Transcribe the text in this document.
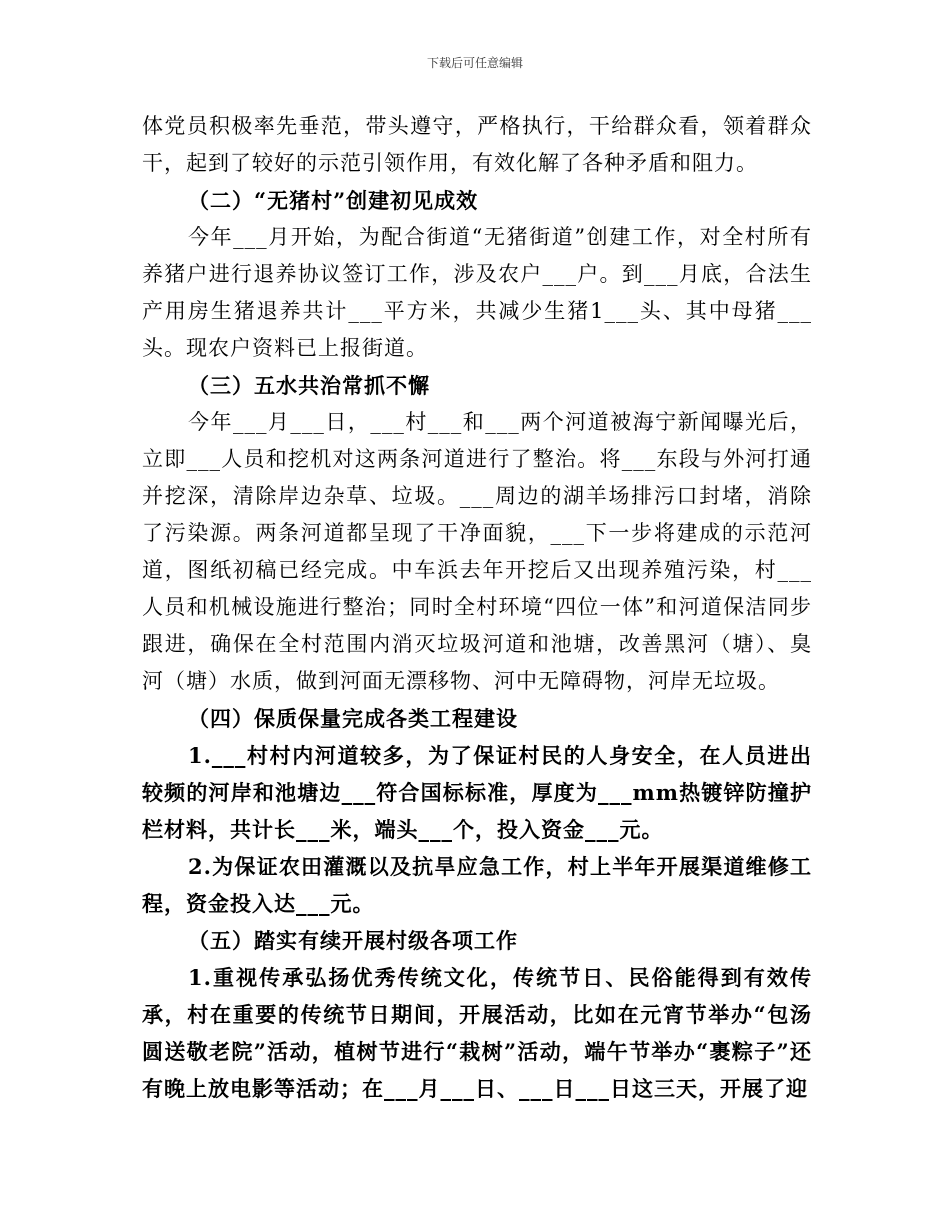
下载后可任意编辑

体党员积极率先垂范，带头遵守，严格执行，干给群众看，领着群众干，起到了较好的示范引领作用，有效化解了各种矛盾和阻力。

（二）“无猪村”创建初见成效

今年___月开始，为配合街道“无猪街道”创建工作，对全村所有养猪户进行退养协议签订工作，涉及农户___户。到___月底，合法生产用房生猪退养共计___平方米，共减少生猪1___头、其中母猪___头。现农户资料已上报街道。

（三）五水共治常抓不懈

今年___月___日，___村___和___两个河道被海宁新闻曝光后，立即___人员和挖机对这两条河道进行了整治。将___东段与外河打通并挖深，清除岸边杂草、垃圾。___周边的湖羊场排污口封堵，消除了污染源。两条河道都呈现了干净面貌，___下一步将建成的示范河道，图纸初稿已经完成。中车浜去年开挖后又出现养殖污染，村___人员和机械设施进行整治；同时全村环境“四位一体”和河道保洁同步跟进，确保在全村范围内消灭垃圾河道和池塘，改善黑河（塘）、臭河（塘）水质，做到河面无漂移物、河中无障碍物，河岸无垃圾。

（四）保质保量完成各类工程建设

1.___村村内河道较多，为了保证村民的人身安全，在人员进出较频的河岸和池塘边___符合国标标准，厚度为___mm热镀锌防撞护栏材料，共计长___米，端头___个，投入资金___元。

2.为保证农田灌溉以及抗旱应急工作，村上半年开展渠道维修工程，资金投入达___元。

（五）踏实有续开展村级各项工作

1.重视传承弘扬优秀传统文化，传统节日、民俗能得到有效传承，村在重要的传统节日期间，开展活动，比如在元宵节举办“包汤圆送敬老院”活动，植树节进行“栽树”活动，端午节举办“裹粽子”还有晚上放电影等活动；在___月___日、___日___日这三天，开展了迎
